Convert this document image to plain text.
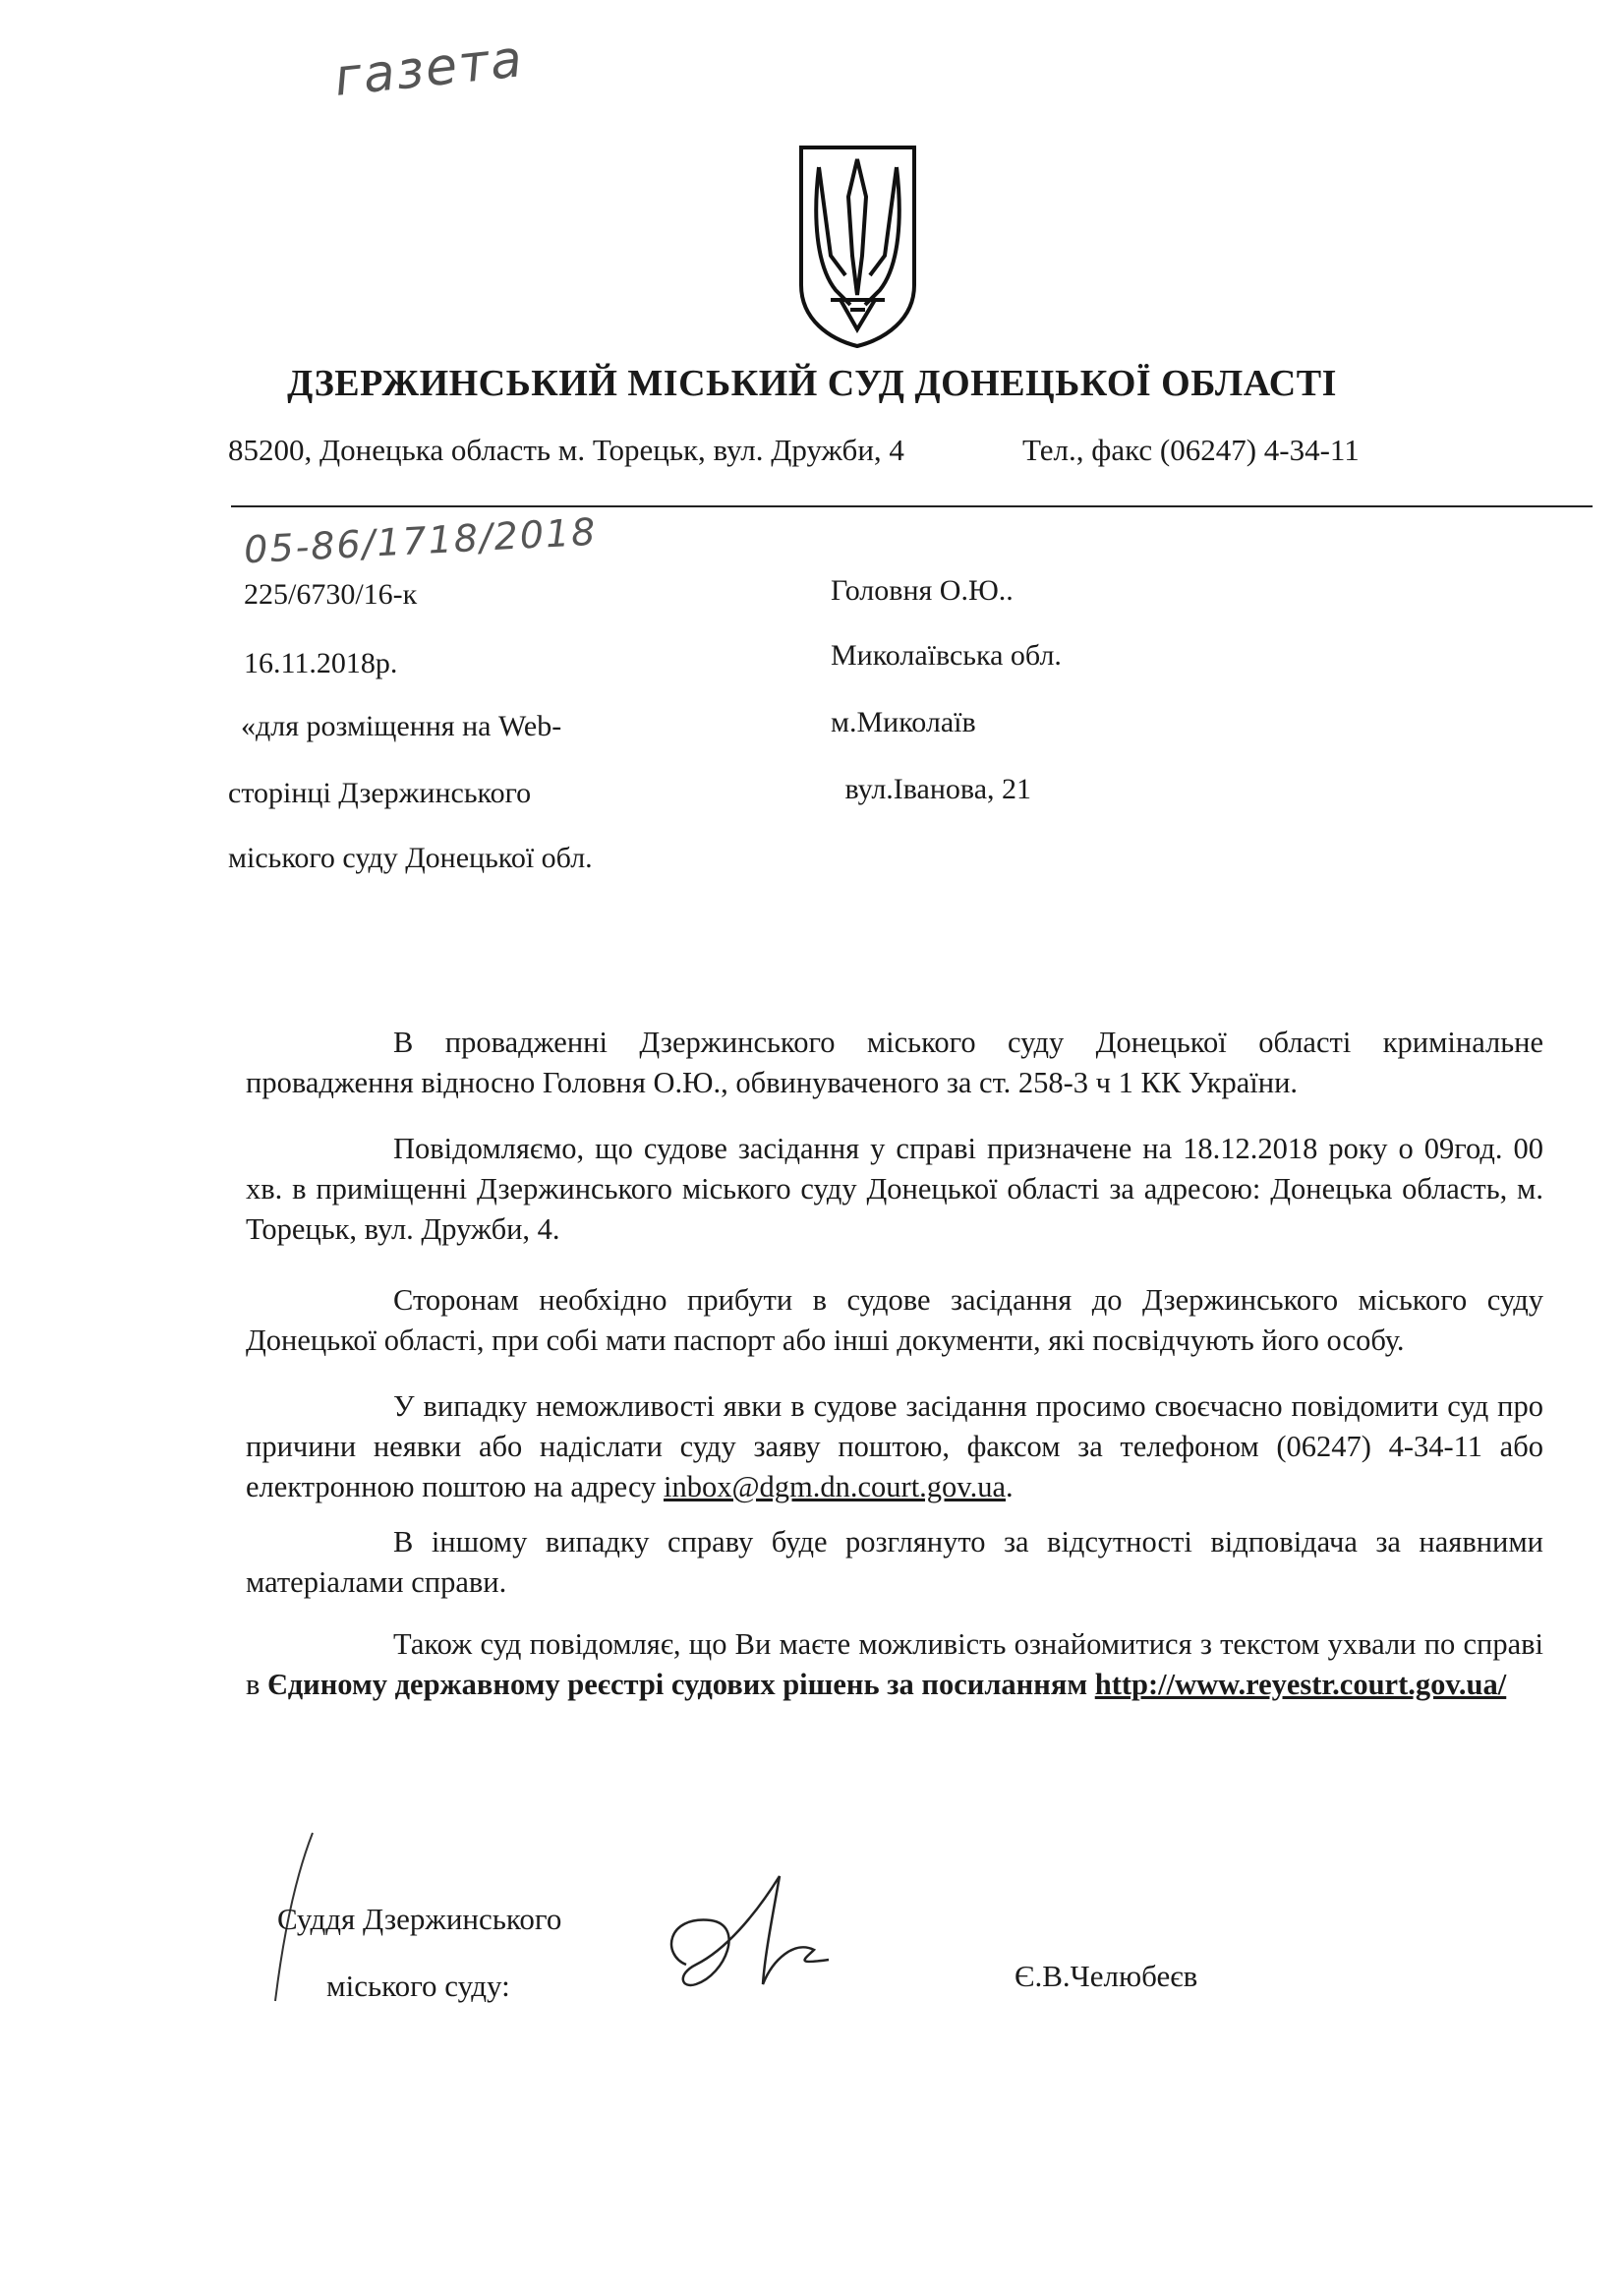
газета
ДЗЕРЖИНСЬКИЙ МІСЬКИЙ СУД ДОНЕЦЬКОЇ ОБЛАСТІ
85200, Донецька область м. Торецьк, вул. Дружби, 4	Тел., факс (06247) 4-34-11
05-86/1718/2018
225/6730/16-к
16.11.2018р.
«для розміщення на Web-
сторінці Дзержинського
міського суду Донецької обл.
Головня О.Ю..
Миколаївська обл.
м.Миколаїв
вул.Іванова, 21
В провадженні Дзержинського міського суду Донецької області кримінальне провадження відносно Головня О.Ю., обвинуваченого за ст. 258-3 ч 1 КК України.
Повідомляємо, що судове засідання у справі призначене на 18.12.2018 року о 09год. 00 хв. в приміщенні Дзержинського міського суду Донецької області за адресою: Донецька область, м. Торецьк, вул. Дружби, 4.
Сторонам необхідно прибути в судове засідання до Дзержинського міського суду Донецької області, при собі мати паспорт або інші документи, які посвідчують його особу.
У випадку неможливості явки в судове засідання просимо своєчасно повідомити суд про причини неявки або надіслати суду заяву поштою, факсом за телефоном (06247) 4-34-11 або електронною поштою на адресу inbox@dgm.dn.court.gov.ua.
В іншому випадку справу буде розглянуто за відсутності відповідача за наявними матеріалами справи.
Також суд повідомляє, що Ви маєте можливість ознайомитися з текстом ухвали по справі в Єдиному державному реєстрі судових рішень за посиланням http://www.reyestr.court.gov.ua/
Суддя Дзержинського
міського суду:	Є.В.Челюбеєв
